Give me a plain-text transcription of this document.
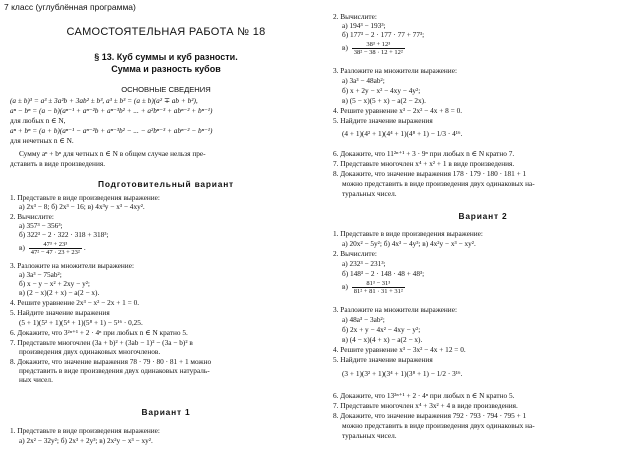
7 класс (углублённая программа)
САМОСТОЯТЕЛЬНАЯ РАБОТА № 18
§ 13. Куб суммы и куб разности.
Сумма и разность кубов
ОСНОВНЫЕ СВЕДЕНИЯ
(a ± b)³ = a³ ± 3a²b + 3ab² ± b³, a³ ± b³ = (a ± b)(a² ∓ ab + b²),
aⁿ − bⁿ = (a − b)(aⁿ⁻¹ + aⁿ⁻²b + aⁿ⁻³b² + ... + a²bⁿ⁻³ + abⁿ⁻² + bⁿ⁻¹)
для любых n ∈ N,
aⁿ + bⁿ = (a + b)(aⁿ⁻¹ − aⁿ⁻²b + aⁿ⁻³b² − ... − a²bⁿ⁻³ + abⁿ⁻² − bⁿ⁻¹)
для нечетных n ∈ N.
Сумму aⁿ + bⁿ для четных n ∈ N в общем случае нельзя пре-
дставить в виде произведения.
Подготовительный вариант
1. Представьте в виде произведения выражение:
а) 2x³ − 8; б) 2x³ − 16; в) 4x³y − x³ − 4xy².
2. Вычислите:
а) 357³ − 356³;
б) 322³ − 2 · 322 · 318 + 318³;
$в) \frac{\text{47³ + 23³}}{\text{47² − 47 · 23 + 23²}}$ .
3. Разложите на множители выражение:
а) 3a³ − 75ab²;
б) x − y − x² + 2xy − y²;
в) (2 − x)(2 + x) − a(2 − x).
4. Решите уравнение 2x³ − x² − 2x + 1 = 0.
5. Найдите значение выражения
(5 + 1)(5² + 1)(5⁴ + 1)(5⁸ + 1) − 5¹⁶ · 0,25.
6. Докажите, что 3²ⁿ⁺¹ + 2 · 4ⁿ при любых n ∈ N кратно 5.
7. Представьте многочлен (3a + b)² + (3ab − 1)² − (3a − b)² в
произведения двух одинаковых многочленов.
8. Докажите, что значение выражения 78 · 79 · 80 · 81 + 1 можно
представить в виде произведения двух одинаковых натураль-
ных чисел.
Вариант 1
1. Представьте в виде произведения выражение:
а) 2x² − 32y²; б) 2x³ + 2y³; в) 2x²y − x³ − xy².
2. Вычислите:
а) 194³ − 193³;
б) 177³ − 2 · 177 · 77 + 77³;
$в) \frac{\text{38³ + 12³}}{\text{38² − 38 · 12 + 12²}}$
3. Разложите на множители выражение:
а) 3a³ − 48ab²;
б) x + 2y − x² − 4xy − 4y²;
в) (5 − x)(5 + x) − a(2 − 2x).
4. Решите уравнение x³ − 2x² − 4x + 8 = 0.
5. Найдите значение выражения
(4 + 1)(4² + 1)(4⁴ + 1)(4⁸ + 1) − 1/3 · 4¹⁶.
6. Докажите, что 11²ⁿ⁺¹ + 3 · 9ⁿ при любых n ∈ N кратно 7.
7. Представьте многочлен x⁴ + x² + 1 в виде произведения.
8. Докажите, что значение выражения 178 · 179 · 180 · 181 + 1
можно представить в виде произведения двух одинаковых на-
туральных чисел.
Вариант 2
1. Представьте в виде произведения выражение:
а) 20x² − 5y²; б) 4x³ − 4y³; в) 4x²y − x³ − xy².
2. Вычислите:
а) 232³ − 231³;
б) 148³ − 2 · 148 · 48 + 48³;
$в) \frac{\text{81³ − 31³}}{\text{81² + 81 · 31 + 31²}}$
3. Разложите на множители выражение:
а) 48a³ − 3ab²;
б) 2x + y − 4x² − 4xy − y²;
в) (4 − x)(4 + x) − a(2 − x).
4. Решите уравнение x³ − 3x² − 4x + 12 = 0.
5. Найдите значение выражения
(3 + 1)(3² + 1)(3⁴ + 1)(3⁸ + 1) − 1/2 · 3¹⁶.
6. Докажите, что 13²ⁿ⁺¹ + 2 · 4ⁿ при любых n ∈ N кратно 5.
7. Представьте многочлен x⁴ + 3x² + 4 в виде произведения.
8. Докажите, что значение выражения 792 · 793 · 794 · 795 + 1
можно представить в виде произведения двух одинаковых на-
туральных чисел.
